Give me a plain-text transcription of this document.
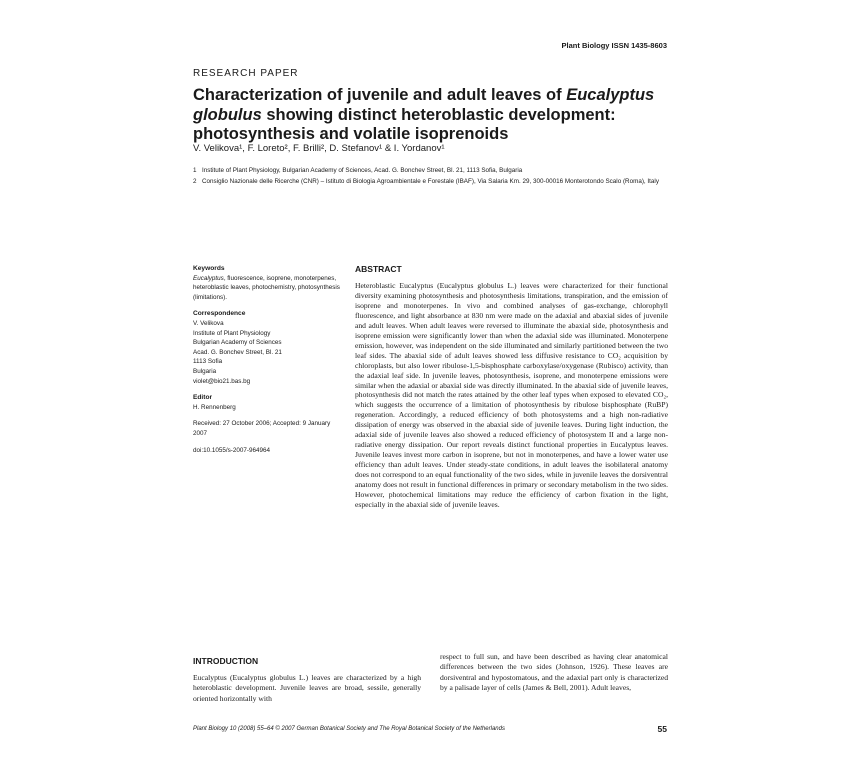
Plant Biology ISSN 1435-8603
RESEARCH PAPER
Characterization of juvenile and adult leaves of Eucalyptus globulus showing distinct heteroblastic development: photosynthesis and volatile isoprenoids
V. Velikova¹, F. Loreto², F. Brilli², D. Stefanov¹ & I. Yordanov¹
1 Institute of Plant Physiology, Bulgarian Academy of Sciences, Acad. G. Bonchev Street, Bl. 21, 1113 Sofia, Bulgaria
2 Consiglio Nazionale delle Ricerche (CNR) – Istituto di Biologia Agroambientale e Forestale (IBAF), Via Salaria Km. 29, 300-00016 Monterotondo Scalo (Roma), Italy
Keywords
Eucalyptus, fluorescence, isoprene, monoterpenes, heteroblastic leaves, photochemistry, photosynthesis (limitations).
Correspondence
V. Velikova
Institute of Plant Physiology
Bulgarian Academy of Sciences
Acad. G. Bonchev Street, Bl. 21
1113 Sofia
Bulgaria
violet@bio21.bas.bg
Editor
H. Rennenberg
Received: 27 October 2006; Accepted: 9 January 2007
doi:10.1055/s-2007-964964
ABSTRACT

Heteroblastic Eucalyptus (Eucalyptus globulus L.) leaves were characterized for their functional diversity examining photosynthesis and photosynthesis limitations, transpiration, and the emission of isoprene and monoterpenes. In vivo and combined analyses of gas-exchange, chlorophyll fluorescence, and light absorbance at 830 nm were made on the adaxial and abaxial sides of juvenile and adult leaves. When adult leaves were reversed to illuminate the abaxial side, photosynthesis and isoprene emission were significantly lower than when the adaxial side was illuminated. Monoterpene emission, however, was independent on the side illuminated and similarly partitioned between the two leaf sides. The abaxial side of adult leaves showed less diffusive resistance to CO₂ acquisition by chloroplasts, but also lower ribulose-1,5-bisphosphate carboxylase/oxygenase (Rubisco) activity, than the adaxial leaf side. In juvenile leaves, photosynthesis, isoprene, and monoterpene emissions were similar when the adaxial or abaxial side was directly illuminated. In the abaxial side of juvenile leaves, photosynthesis did not match the rates attained by the other leaf types when exposed to elevated CO₂, which suggests the occurrence of a limitation of photosynthesis by ribulose bisphosphate (RuBP) regeneration. Accordingly, a reduced efficiency of both photosystems and a high non-radiative dissipation of energy was observed in the abaxial side of juvenile leaves. During light induction, the adaxial side of juvenile leaves also showed a reduced efficiency of photosystem II and a large non-radiative energy dissipation. Our report reveals distinct functional properties in Eucalyptus leaves. Juvenile leaves invest more carbon in isoprene, but not in monoterpenes, and have a lower water use efficiency than adult leaves. Under steady-state conditions, in adult leaves the isobilateral anatomy does not correspond to an equal functionality of the two sides, while in juvenile leaves the dorsiventral anatomy does not result in functional differences in primary or secondary metabolism in the two sides. However, photochemical limitations may reduce the efficiency of carbon fixation in the light, especially in the abaxial side of juvenile leaves.

INTRODUCTION

Eucalyptus (Eucalyptus globulus L.) leaves are characterized by a high heteroblastic development. Juvenile leaves are broad, sessile, generally oriented horizontally with

respect to full sun, and have been described as having clear anatomical differences between the two sides (Johnson, 1926). These leaves are dorsiventral and hypostomatous, and the adaxial part only is characterized by a palisade layer of cells (James & Bell, 2001). Adult leaves,

Plant Biology 10 (2008) 55–64 © 2007 German Botanical Society and The Royal Botanical Society of the Netherlands	55
